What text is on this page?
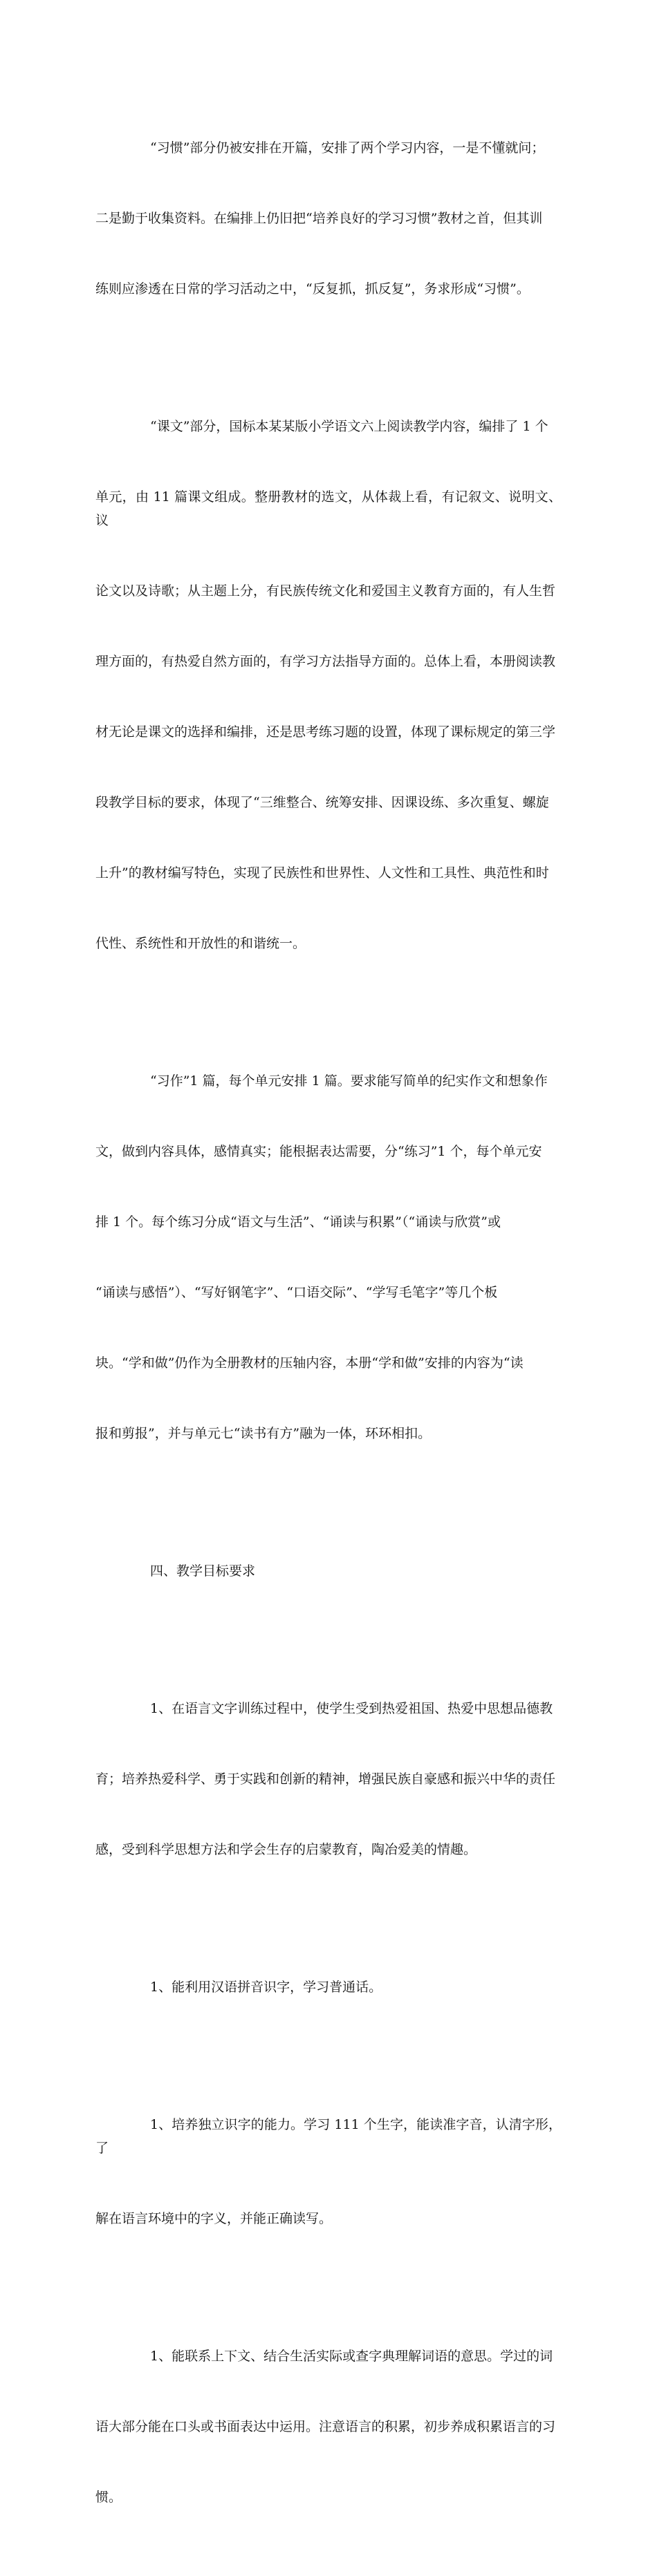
“习惯”部分仍被安排在开篇，安排了两个学习内容，一是不懂就问；

二是勤于收集资料。在编排上仍旧把“培养良好的学习习惯”教材之首，但其训

练则应渗透在日常的学习活动之中，“反复抓，抓反复”，务求形成“习惯”。

“课文”部分，国标本某某版小学语文六上阅读教学内容，编排了 1 个

单元，由 11 篇课文组成。整册教材的选文，从体裁上看，有记叙文、说明文、议

论文以及诗歌；从主题上分，有民族传统文化和爱国主义教育方面的，有人生哲

理方面的，有热爱自然方面的，有学习方法指导方面的。总体上看，本册阅读教

材无论是课文的选择和编排，还是思考练习题的设置，体现了课标规定的第三学

段教学目标的要求，体现了“三维整合、统筹安排、因课设练、多次重复、螺旋

上升”的教材编写特色，实现了民族性和世界性、人文性和工具性、典范性和时

代性、系统性和开放性的和谐统一。

“习作”1 篇，每个单元安排 1 篇。要求能写简单的纪实作文和想象作

文，做到内容具体，感情真实；能根据表达需要，分“练习”1 个，每个单元安

排 1 个。每个练习分成“语文与生活”、“诵读与积累”（“诵读与欣赏”或

“诵读与感悟”）、“写好钢笔字”、“口语交际”、“学写毛笔字”等几个板

块。“学和做”仍作为全册教材的压轴内容，本册“学和做”安排的内容为“读

报和剪报”，并与单元七“读书有方”融为一体，环环相扣。

四、教学目标要求

1、在语言文字训练过程中，使学生受到热爱祖国、热爱中思想品德教

育；培养热爱科学、勇于实践和创新的精神，增强民族自豪感和振兴中华的责任

感，受到科学思想方法和学会生存的启蒙教育，陶冶爱美的情趣。

1、能利用汉语拼音识字，学习普通话。

1、培养独立识字的能力。学习 111 个生字，能读准字音，认清字形，了

解在语言环境中的字义，并能正确读写。

1、能联系上下文、结合生活实际或查字典理解词语的意思。学过的词

语大部分能在口头或书面表达中运用。注意语言的积累，初步养成积累语言的习

惯。
